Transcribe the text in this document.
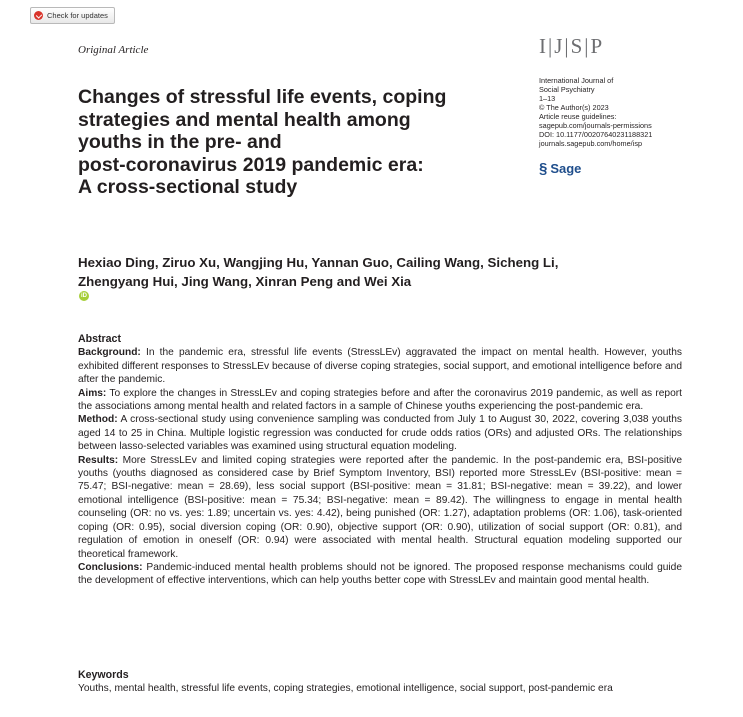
Check for updates
Original Article	I|J|S|P
International Journal of
Social Psychiatry
1–13
© The Author(s) 2023
Article reuse guidelines:
sagepub.com/journals-permissions
DOI: 10.1177/00207640231188321
journals.sagepub.com/home/isp
§ Sage
Changes of stressful life events, coping
strategies and mental health among
youths in the pre- and
post-coronavirus 2019 pandemic era:
A cross-sectional study

Hexiao Ding, Ziruo Xu, Wangjing Hu, Yannan Guo, Cailing Wang, Sicheng Li,
Zhengyang Hui, Jing Wang, Xinran Peng and Wei Xia
iD

Abstract

Background: In the pandemic era, stressful life events (StressLEv) aggravated the impact on mental health. However, youths exhibited different responses to StressLEv because of diverse coping strategies, social support, and emotional intelligence before and after the pandemic.

Aims: To explore the changes in StressLEv and coping strategies before and after the coronavirus 2019 pandemic, as well as report the associations among mental health and related factors in a sample of Chinese youths experiencing the post-pandemic era.

Method: A cross-sectional study using convenience sampling was conducted from July 1 to August 30, 2022, covering 3,038 youths aged 14 to 25 in China. Multiple logistic regression was conducted for crude odds ratios (ORs) and adjusted ORs. The relationships between lasso-selected variables was examined using structural equation modeling.

Results: More StressLEv and limited coping strategies were reported after the pandemic. In the post-pandemic era, BSI-positive youths (youths diagnosed as considered case by Brief Symptom Inventory, BSI) reported more StressLEv (BSI-positive: mean = 75.47; BSI-negative: mean = 28.69), less social support (BSI-positive: mean = 31.81; BSI-negative: mean = 39.22), and lower emotional intelligence (BSI-positive: mean = 75.34; BSI-negative: mean = 89.42). The willingness to engage in mental health counseling (OR: no vs. yes: 1.89; uncertain vs. yes: 4.42), being punished (OR: 1.27), adaptation problems (OR: 1.06), task-oriented coping (OR: 0.95), social diversion coping (OR: 0.90), objective support (OR: 0.90), utilization of social support (OR: 0.81), and regulation of emotion in oneself (OR: 0.94) were associated with mental health. Structural equation modeling supported our theoretical framework.

Conclusions: Pandemic-induced mental health problems should not be ignored. The proposed response mechanisms could guide the development of effective interventions, which can help youths better cope with StressLEv and maintain good mental health.

Keywords
Youths, mental health, stressful life events, coping strategies, emotional intelligence, social support, post-pandemic era
